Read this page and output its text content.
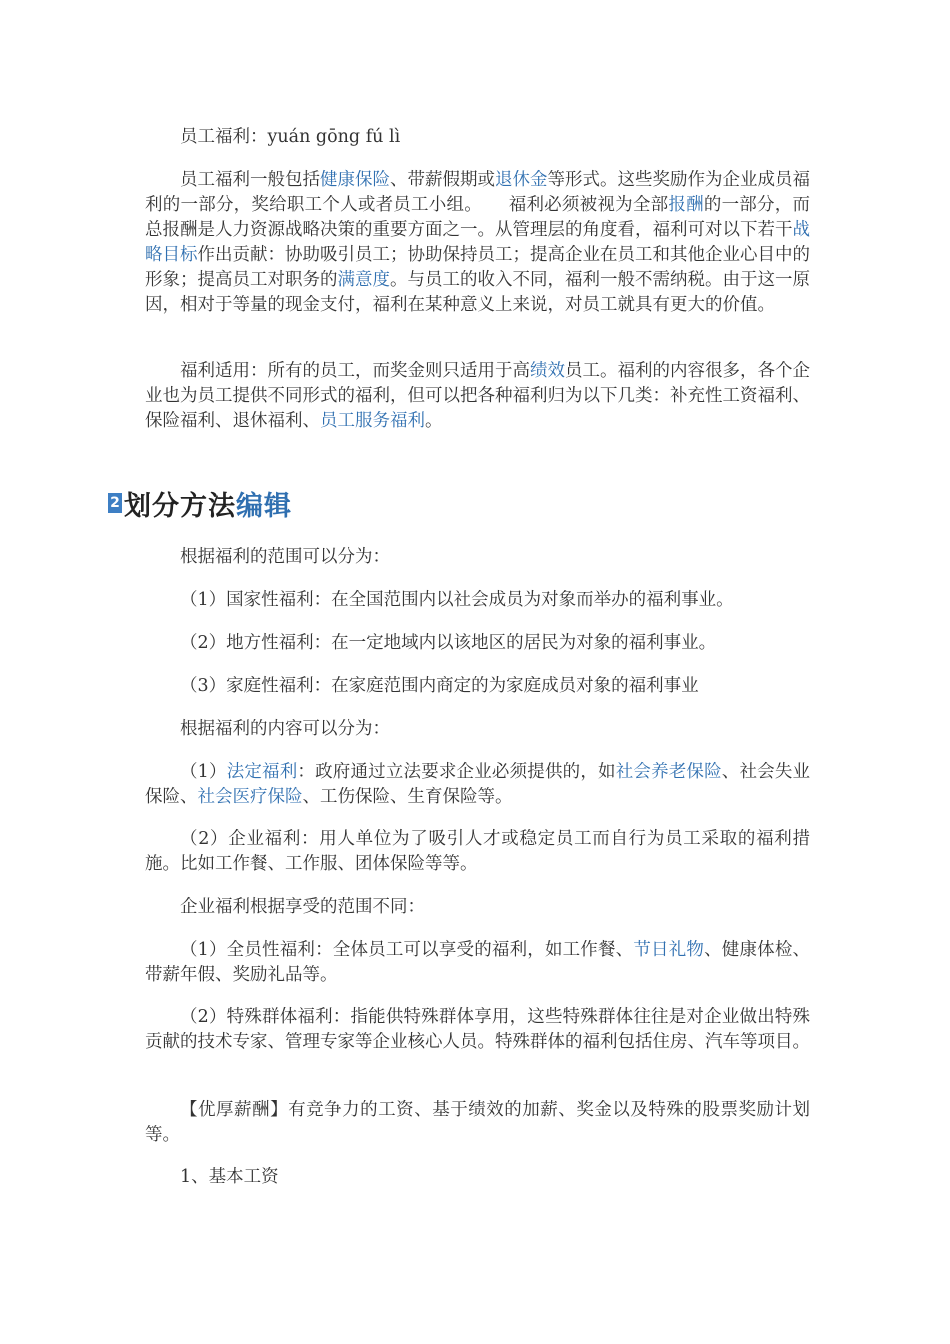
员工福利：yuán gōng fú lì

员工福利一般包括健康保险、带薪假期或退休金等形式。这些奖励作为企业成员福利的一部分，奖给职工个人或者员工小组。　　福利必须被视为全部报酬的一部分，而总报酬是人力资源战略决策的重要方面之一。从管理层的角度看，福利可对以下若干战略目标作出贡献：协助吸引员工；协助保持员工；提高企业在员工和其他企业心目中的形象；提高员工对职务的满意度。与员工的收入不同，福利一般不需纳税。由于这一原因，相对于等量的现金支付，福利在某种意义上来说，对员工就具有更大的价值。

福利适用：所有的员工，而奖金则只适用于高绩效员工。福利的内容很多，各个企业也为员工提供不同形式的福利，但可以把各种福利归为以下几类：补充性工资福利、保险福利、退休福利、员工服务福利。

2 划分方法 编辑

根据福利的范围可以分为：

（1）国家性福利：在全国范围内以社会成员为对象而举办的福利事业。

（2）地方性福利：在一定地域内以该地区的居民为对象的福利事业。

（3）家庭性福利：在家庭范围内商定的为家庭成员对象的福利事业

根据福利的内容可以分为：

（1）法定福利：政府通过立法要求企业必须提供的，如社会养老保险、社会失业保险、社会医疗保险、工伤保险、生育保险等。

（2）企业福利：用人单位为了吸引人才或稳定员工而自行为员工采取的福利措施。比如工作餐、工作服、团体保险等等。

企业福利根据享受的范围不同：

（1）全员性福利：全体员工可以享受的福利，如工作餐、节日礼物、健康体检、带薪年假、奖励礼品等。

（2）特殊群体福利：指能供特殊群体享用，这些特殊群体往往是对企业做出特殊贡献的技术专家、管理专家等企业核心人员。特殊群体的福利包括住房、汽车等项目。

【优厚薪酬】有竞争力的工资、基于绩效的加薪、奖金以及特殊的股票奖励计划等。

1、基本工资
